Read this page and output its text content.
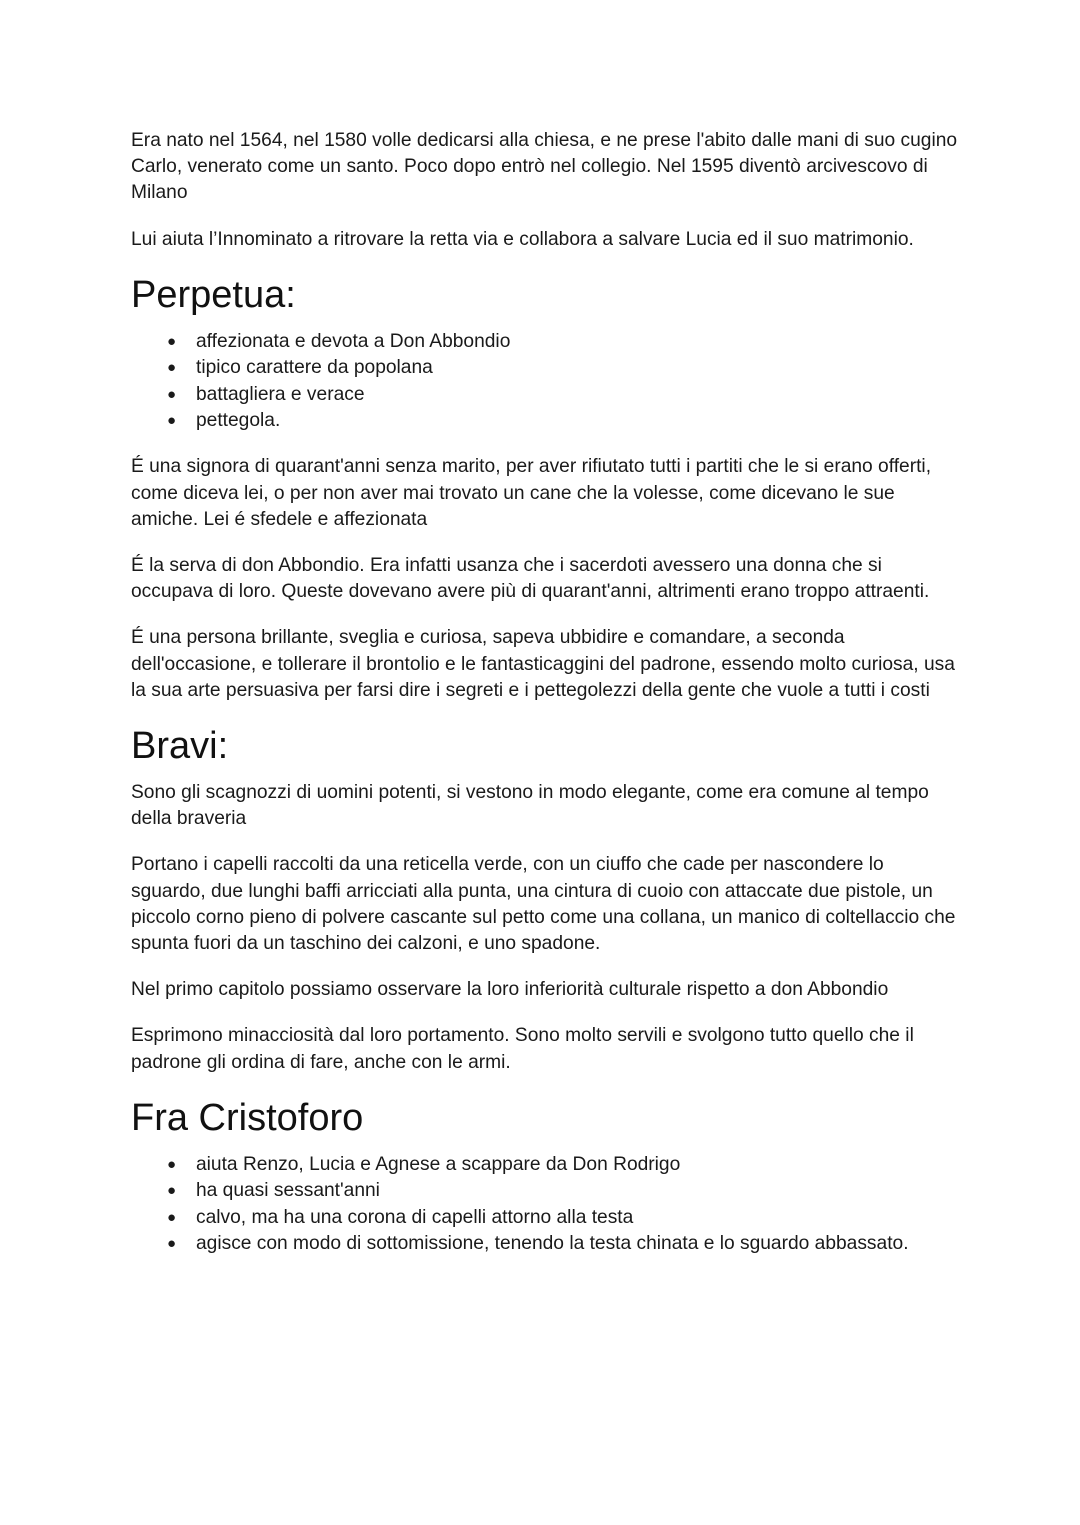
Era nato nel 1564, nel 1580 volle dedicarsi alla chiesa, e ne prese l'abito dalle mani di suo cugino Carlo, venerato come un santo. Poco dopo entrò nel collegio. Nel 1595 diventò arcivescovo di Milano

Lui aiuta l’Innominato a ritrovare la retta via e collabora a salvare Lucia ed il suo matrimonio.

Perpetua:
● affezionata e devota a Don Abbondio
● tipico carattere da popolana
● battagliera e verace
● pettegola.

É una signora di quarant'anni senza marito, per aver rifiutato tutti i partiti che le si erano offerti, come diceva lei, o per non aver mai trovato un cane che la volesse, come dicevano le sue amiche. Lei é sfedele e affezionata

É la serva di don Abbondio. Era infatti usanza che i sacerdoti avessero una donna che si occupava di loro. Queste dovevano avere più di quarant'anni, altrimenti erano troppo attraenti.

É una persona brillante, sveglia e curiosa, sapeva ubbidire e comandare, a seconda dell'occasione, e tollerare il brontolio e le fantasticaggini del padrone, essendo molto curiosa, usa la sua arte persuasiva per farsi dire i segreti e i pettegolezzi della gente che vuole a tutti i costi

Bravi:

Sono gli scagnozzi di uomini potenti, si vestono in modo elegante, come era comune al tempo della braveria

Portano i capelli raccolti da una reticella verde, con un ciuffo che cade per nascondere lo sguardo, due lunghi baffi arricciati alla punta, una cintura di cuoio con attaccate due pistole, un piccolo corno pieno di polvere cascante sul petto come una collana, un manico di coltellaccio che spunta fuori da un taschino dei calzoni, e uno spadone.

Nel primo capitolo possiamo osservare la loro inferiorità culturale rispetto a don Abbondio

Esprimono minacciosità dal loro portamento. Sono molto servili e svolgono tutto quello che il padrone gli ordina di fare, anche con le armi.

Fra Cristoforo
● aiuta Renzo, Lucia e Agnese a scappare da Don Rodrigo
● ha quasi sessant'anni
● calvo, ma ha una corona di capelli attorno alla testa
● agisce con modo di sottomissione, tenendo la testa chinata e lo sguardo abbassato.
